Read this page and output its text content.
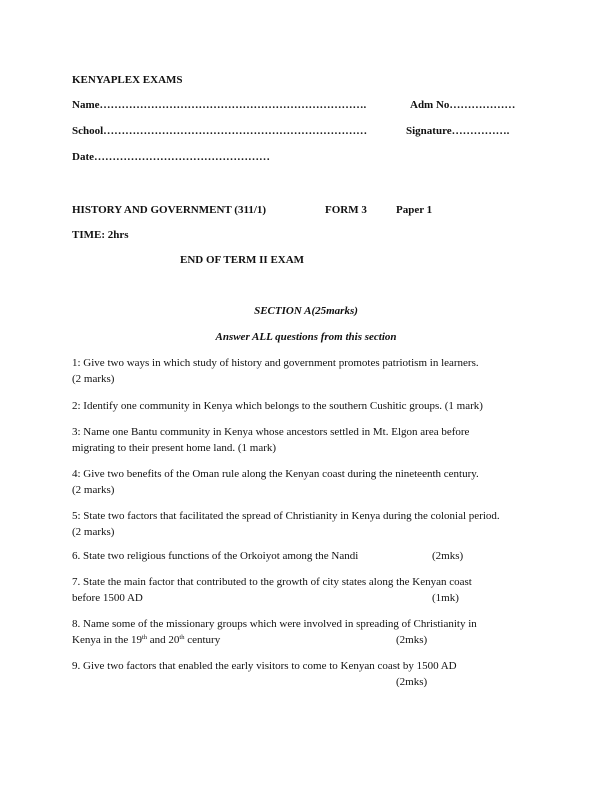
KENYAPLEX EXAMS
Name……………………………………………………………….	Adm No………………
School………………………………………………………………	Signature…………….
Date…………………………………………
HISTORY AND GOVERNMENT (311/1)	FORM 3	Paper 1
TIME: 2hrs
END OF TERM II EXAM
SECTION A(25marks)
Answer ALL questions from this section
1: Give two ways in which study of history and government promotes patriotism in learners.
(2 marks)
2: Identify one community in Kenya which belongs to the southern Cushitic groups. (1 mark)
3: Name one Bantu community in Kenya whose ancestors settled in Mt. Elgon area before
migrating to their present home land. (1 mark)
4: Give two benefits of the Oman rule along the Kenyan coast during the nineteenth century.
(2 marks)
5: State two factors that facilitated the spread of Christianity in Kenya during the colonial period.
(2 marks)
6. State two religious functions of the Orkoiyot among the Nandi	(2mks)
7. State the main factor that contributed to the growth of city states along the Kenyan coast
before 1500 AD	(1mk)
8. Name some of the missionary groups which were involved in spreading of Christianity in
Kenya in the 19th and 20th century	(2mks)
9. Give two factors that enabled the early visitors to come to Kenyan coast by 1500 AD
(2mks)
